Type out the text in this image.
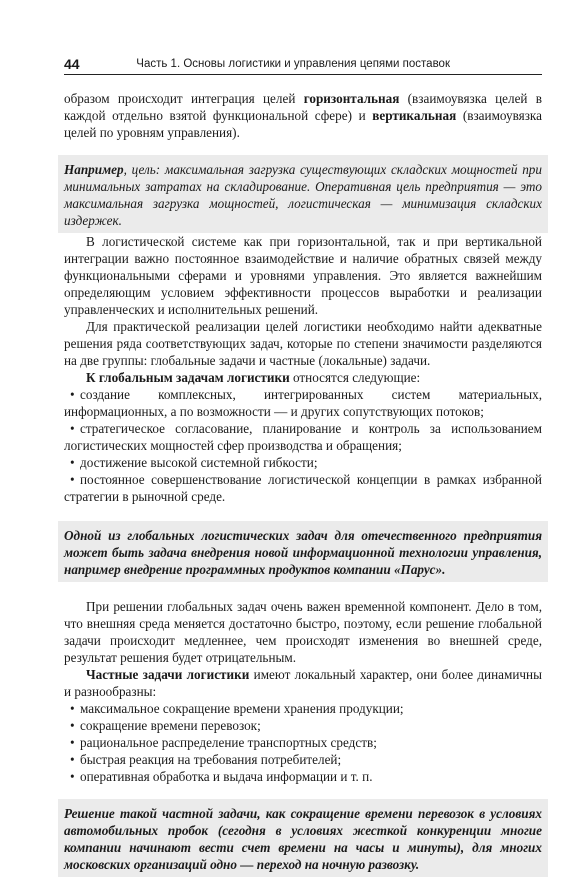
44	Часть 1. Основы логистики и управления цепями поставок

образом происходит интеграция целей горизонтальная (взаимоувязка целей в каждой отдельно взятой функциональной сфере) и вертикальная (взаимоувязка целей по уровням управления).

Например, цель: максимальная загрузка существующих складских мощностей при минимальных затратах на складирование. Оперативная цель предприятия — это максимальная загрузка мощностей, логистическая — минимизация складских издержек.

В логистической системе как при горизонтальной, так и при вертикальной интеграции важно постоянное взаимодействие и наличие обратных связей между функциональными сферами и уровнями управления. Это является важнейшим определяющим условием эффективности процессов выработки и реализации управленческих и исполнительных решений.

Для практической реализации целей логистики необходимо найти адекватные решения ряда соответствующих задач, которые по степени значимости разделяются на две группы: глобальные задачи и частные (локальные) задачи.

К глобальным задачам логистики относятся следующие:

• создание комплексных, интегрированных систем материальных, информационных, а по возможности — и других сопутствующих потоков;
• стратегическое согласование, планирование и контроль за использованием логистических мощностей сфер производства и обращения;
• достижение высокой системной гибкости;
• постоянное совершенствование логистической концепции в рамках избранной стратегии в рыночной среде.
Одной из глобальных логистических задач для отечественного предприятия может быть задача внедрения новой информационной технологии управления, например внедрение программных продуктов компании «Парус».

При решении глобальных задач очень важен временной компонент. Дело в том, что внешняя среда меняется достаточно быстро, поэтому, если решение глобальной задачи происходит медленнее, чем происходят изменения во внешней среде, результат решения будет отрицательным.

Частные задачи логистики имеют локальный характер, они более динамичны и разнообразны:

• максимальное сокращение времени хранения продукции;
• сокращение времени перевозок;
• рациональное распределение транспортных средств;
• быстрая реакция на требования потребителей;
• оперативная обработка и выдача информации и т. п.
Решение такой частной задачи, как сокращение времени перевозок в условиях автомобильных пробок (сегодня в условиях жесткой конкуренции многие компании начинают вести счет времени на часы и минуты), для многих московских организаций одно — переход на ночную развозку.
